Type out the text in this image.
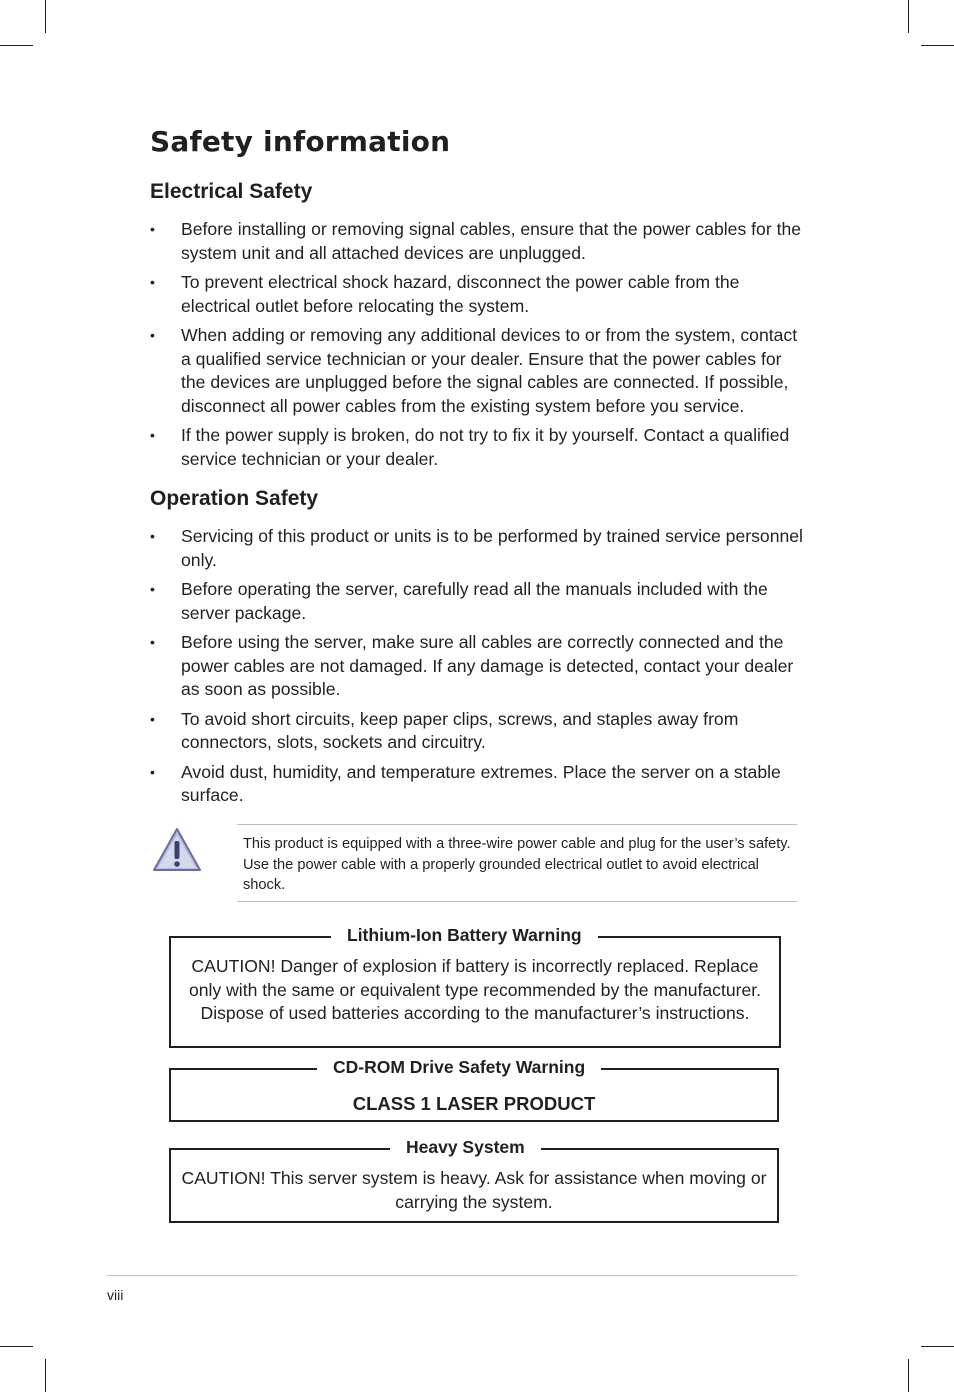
Safety information
Electrical Safety
• Before installing or removing signal cables, ensure that the power cables for the system unit and all attached devices are unplugged.
• To prevent electrical shock hazard, disconnect the power cable from the electrical outlet before relocating the system.
• When adding or removing any additional devices to or from the system, contact a qualified service technician or your dealer. Ensure that the power cables for the devices are unplugged before the signal cables are connected. If possible, disconnect all power cables from the existing system before you service.
• If the power supply is broken, do not try to fix it by yourself. Contact a qualified service technician or your dealer.
Operation Safety
• Servicing of this product or units is to be performed by trained service personnel only.
• Before operating the server, carefully read all the manuals included with the server package.
• Before using the server, make sure all cables are correctly connected and the power cables are not damaged. If any damage is detected, contact your dealer as soon as possible.
• To avoid short circuits, keep paper clips, screws, and staples away from connectors, slots, sockets and circuitry.
• Avoid dust, humidity, and temperature extremes. Place the server on a stable surface.
This product is equipped with a three-wire power cable and plug for the user’s safety. Use the power cable with a properly grounded electrical outlet to avoid electrical shock.
Lithium-Ion Battery Warning
CAUTION! Danger of explosion if battery is incorrectly replaced. Replace
only with the same or equivalent type recommended by the manufacturer.
Dispose of used batteries according to the manufacturer’s instructions.
CD-ROM Drive Safety Warning
CLASS 1 LASER PRODUCT
Heavy System
CAUTION! This server system is heavy. Ask for assistance when moving or
carrying the system.
viii
